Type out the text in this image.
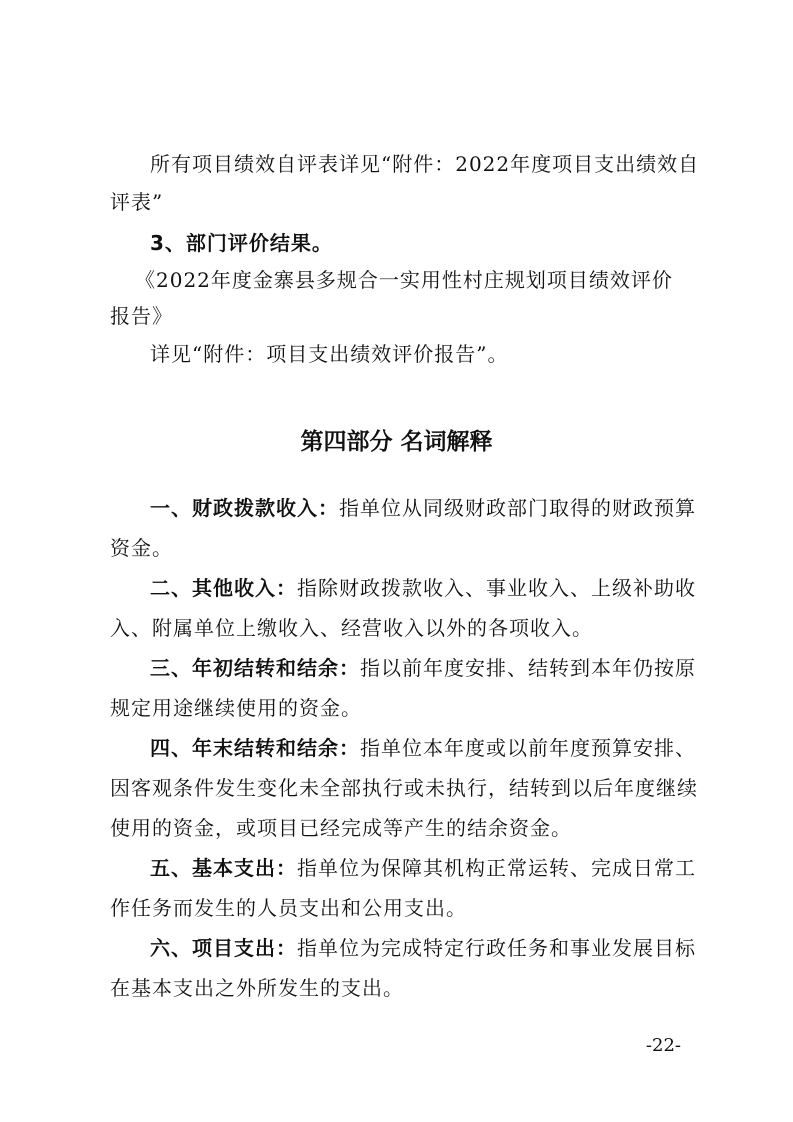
所有项目绩效自评表详见“附件：2022年度项目支出绩效自
评表”
3、部门评价结果。
《2022年度金寨县多规合一实用性村庄规划项目绩效评价
报告》
详见“附件：项目支出绩效评价报告”。
第四部分 名词解释
一、财政拨款收入：指单位从同级财政部门取得的财政预算
资金。
二、其他收入：指除财政拨款收入、事业收入、上级补助收
入、附属单位上缴收入、经营收入以外的各项收入。
三、年初结转和结余：指以前年度安排、结转到本年仍按原
规定用途继续使用的资金。
四、年末结转和结余：指单位本年度或以前年度预算安排、
因客观条件发生变化未全部执行或未执行，结转到以后年度继续
使用的资金，或项目已经完成等产生的结余资金。
五、基本支出：指单位为保障其机构正常运转、完成日常工
作任务而发生的人员支出和公用支出。
六、项目支出：指单位为完成特定行政任务和事业发展目标
在基本支出之外所发生的支出。
-22-
